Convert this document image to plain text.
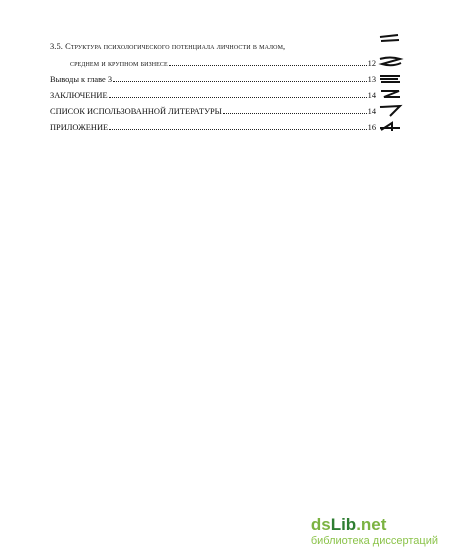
3.5. Структура психологического потенциала личности в малом,
среднем и крупном бизнесе	12
Выводы к главе 3	13
ЗАКЛЮЧЕНИЕ	14
СПИСОК ИСПОЛЬЗОВАННОЙ ЛИТЕРАТУРЫ	14
ПРИЛОЖЕНИЕ	16
dsLib.net
библиотека диссертаций
